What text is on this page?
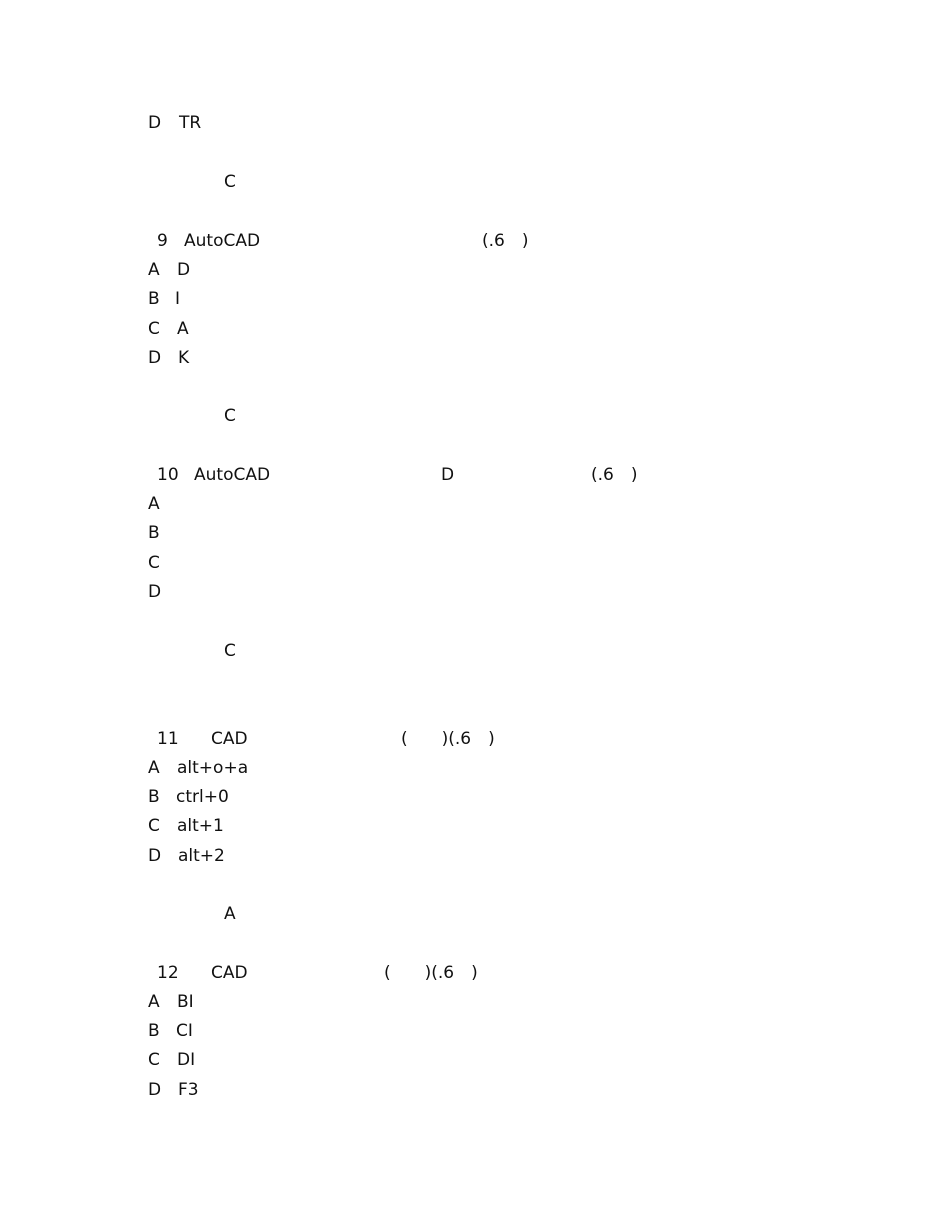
D TR
C
9 AutoCAD	(.6　)
A D
B I
C A
D K
C
10 AutoCAD	D	(.6　)
A
B
C
D
C
11 CAD	(　　)(.6　)
A alt+o+a
B ctrl+0
C alt+1
D alt+2
A
12 CAD	(　　)(.6　)
A BI
B CI
C DI
D F3
